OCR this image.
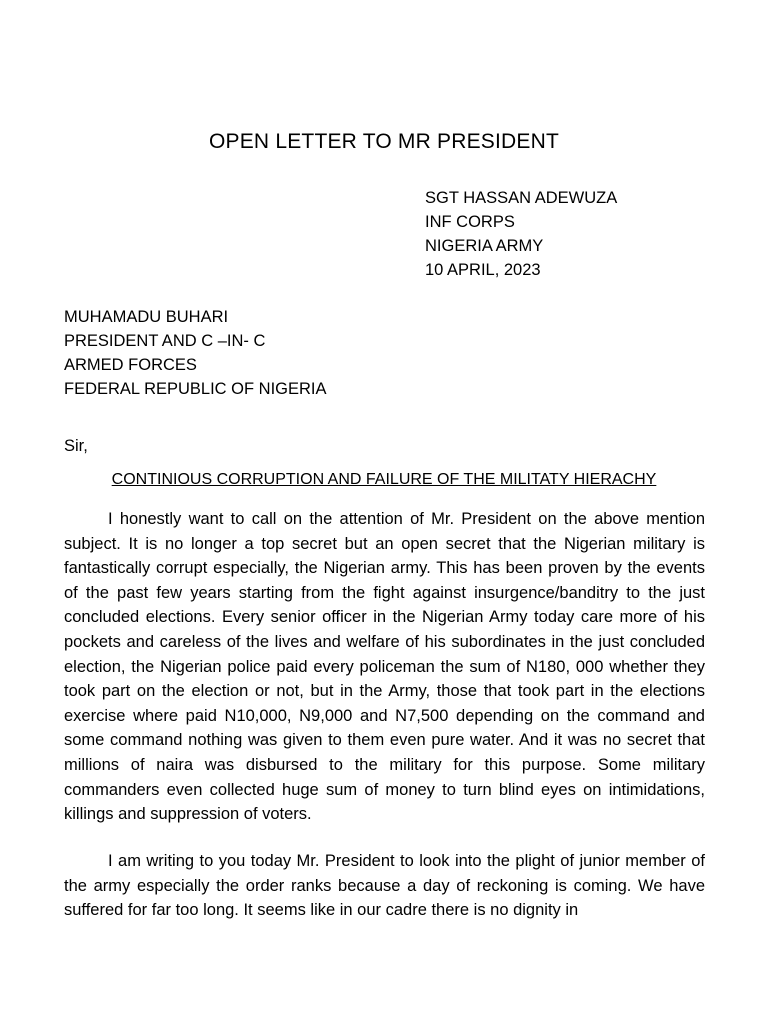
OPEN LETTER TO MR PRESIDENT
SGT HASSAN ADEWUZA
INF CORPS
NIGERIA ARMY
10 APRIL, 2023
MUHAMADU BUHARI
PRESIDENT AND C –IN- C
ARMED FORCES
FEDERAL REPUBLIC OF NIGERIA
Sir,
CONTINIOUS CORRUPTION AND FAILURE OF THE MILITATY HIERACHY

I honestly want to call on the attention of Mr. President on the above mention subject. It is no longer a top secret but an open secret that the Nigerian military is fantastically corrupt especially, the Nigerian army. This has been proven by the events of the past few years starting from the fight against insurgence/banditry to the just concluded elections. Every senior officer in the Nigerian Army today care more of his pockets and careless of the lives and welfare of his subordinates in the just concluded election, the Nigerian police paid every policeman the sum of N180, 000 whether they took part on the election or not, but in the Army, those that took part in the elections exercise where paid N10,000, N9,000 and N7,500 depending on the command and some command nothing was given to them even pure water. And it was no secret that millions of naira was disbursed to the military for this purpose. Some military commanders even collected huge sum of money to turn blind eyes on intimidations, killings and suppression of voters.

I am writing to you today Mr. President to look into the plight of junior member of the army especially the order ranks because a day of reckoning is coming. We have suffered for far too long. It seems like in our cadre there is no dignity in
